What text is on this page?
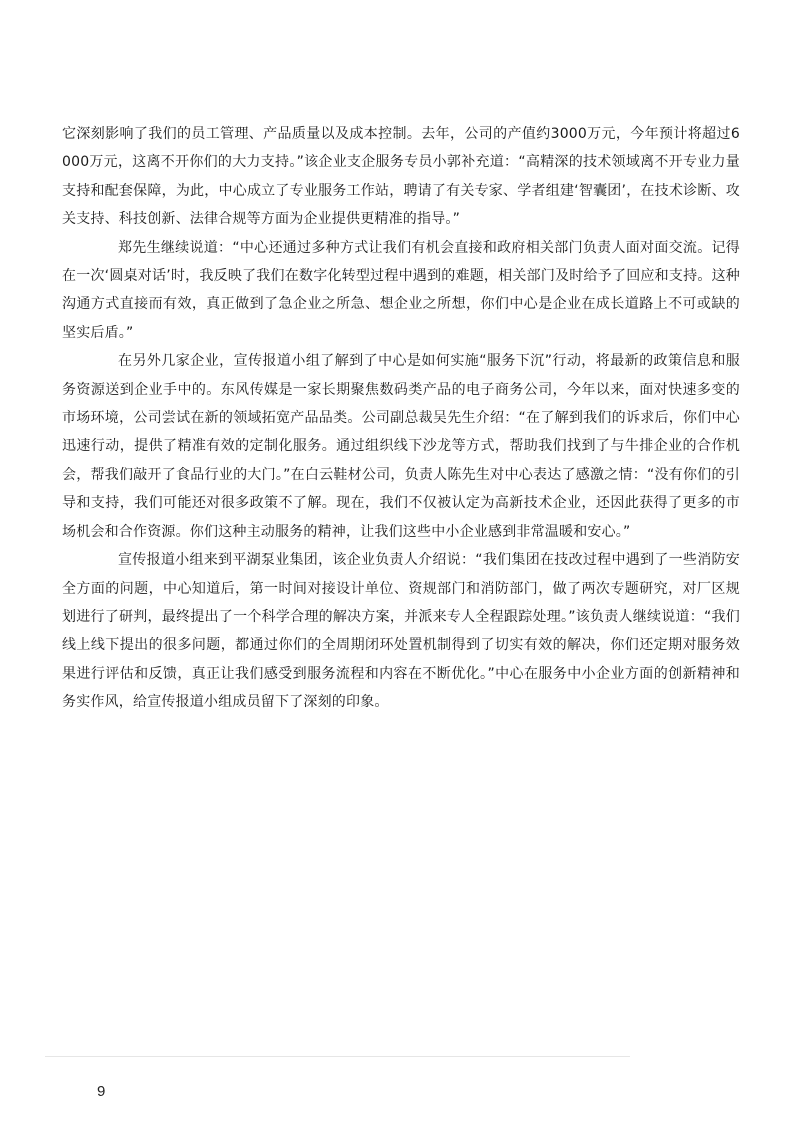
它深刻影响了我们的员工管理、产品质量以及成本控制。去年，公司的产值约3000万元，今年预计将超过6000万元，这离不开你们的大力支持。”该企业支企服务专员小郭补充道：“高精深的技术领域离不开专业力量支持和配套保障，为此，中心成立了专业服务工作站，聘请了有关专家、学者组建‘智囊团’，在技术诊断、攻关支持、科技创新、法律合规等方面为企业提供更精准的指导。”

郑先生继续说道：“中心还通过多种方式让我们有机会直接和政府相关部门负责人面对面交流。记得在一次‘圆桌对话’时，我反映了我们在数字化转型过程中遇到的难题，相关部门及时给予了回应和支持。这种沟通方式直接而有效，真正做到了急企业之所急、想企业之所想，你们中心是企业在成长道路上不可或缺的坚实后盾。”

在另外几家企业，宣传报道小组了解到了中心是如何实施“服务下沉”行动，将最新的政策信息和服务资源送到企业手中的。东风传媒是一家长期聚焦数码类产品的电子商务公司，今年以来，面对快速多变的市场环境，公司尝试在新的领域拓宽产品品类。公司副总裁吴先生介绍：“在了解到我们的诉求后，你们中心迅速行动，提供了精准有效的定制化服务。通过组织线下沙龙等方式，帮助我们找到了与牛排企业的合作机会，帮我们敲开了食品行业的大门。”在白云鞋材公司，负责人陈先生对中心表达了感激之情：“没有你们的引导和支持，我们可能还对很多政策不了解。现在，我们不仅被认定为高新技术企业，还因此获得了更多的市场机会和合作资源。你们这种主动服务的精神，让我们这些中小企业感到非常温暖和安心。”

宣传报道小组来到平湖泵业集团，该企业负责人介绍说：“我们集团在技改过程中遇到了一些消防安全方面的问题，中心知道后，第一时间对接设计单位、资规部门和消防部门，做了两次专题研究，对厂区规划进行了研判，最终提出了一个科学合理的解决方案，并派来专人全程跟踪处理。”该负责人继续说道：“我们线上线下提出的很多问题，都通过你们的全周期闭环处置机制得到了切实有效的解决，你们还定期对服务效果进行评估和反馈，真正让我们感受到服务流程和内容在不断优化。”中心在服务中小企业方面的创新精神和务实作风，给宣传报道小组成员留下了深刻的印象。

9
